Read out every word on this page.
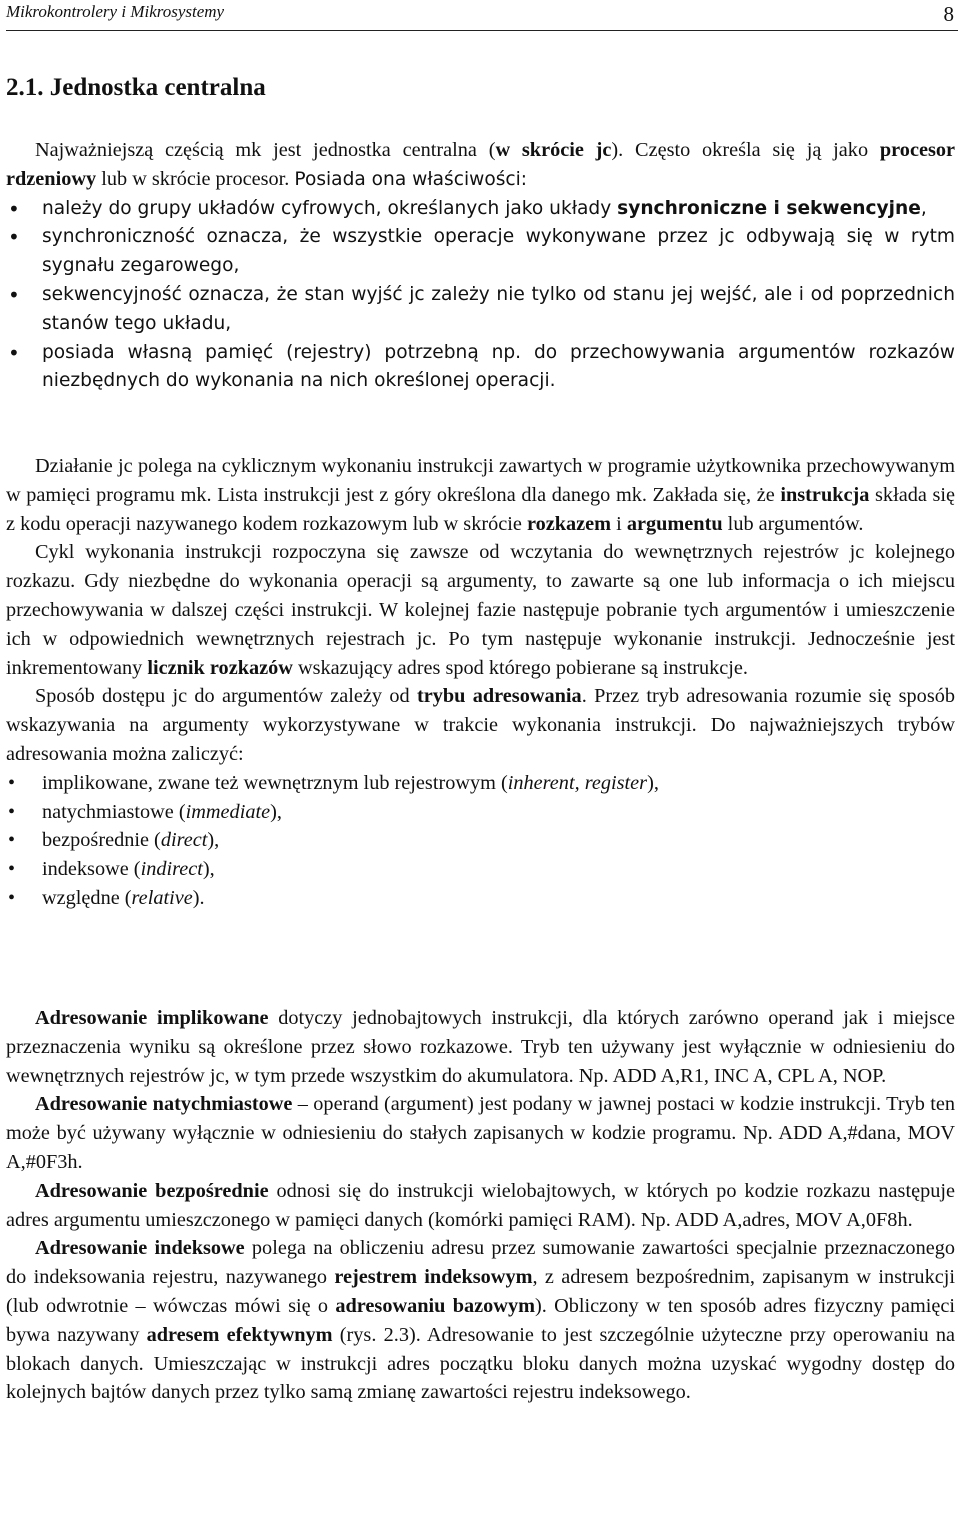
Mikrokontrolery i Mikrosystemy	8
2.1. Jednostka centralna

Najważniejszą częścią mk jest jednostka centralna (w skrócie jc). Często określa się ją jako procesor rdzeniowy lub w skrócie procesor. Posiada ona właściwości:

• należy do grupy układów cyfrowych, określanych jako układy synchroniczne i sekwencyjne,
• synchroniczność oznacza, że wszystkie operacje wykonywane przez jc odbywają się w rytm sygnału zegarowego,
• sekwencyjność oznacza, że stan wyjść jc zależy nie tylko od stanu jej wejść, ale i od poprzednich stanów tego układu,
• posiada własną pamięć (rejestry) potrzebną np. do przechowywania argumentów rozkazów niezbędnych do wykonania na nich określonej operacji.

Działanie jc polega na cyklicznym wykonaniu instrukcji zawartych w programie użytkownika przechowywanym w pamięci programu mk. Lista instrukcji jest z góry określona dla danego mk. Zakłada się, że instrukcja składa się z kodu operacji nazywanego kodem rozkazowym lub w skrócie rozkazem i argumentu lub argumentów.

Cykl wykonania instrukcji rozpoczyna się zawsze od wczytania do wewnętrznych rejestrów jc kolejnego rozkazu. Gdy niezbędne do wykonania operacji są argumenty, to zawarte są one lub informacja o ich miejscu przechowywania w dalszej części instrukcji. W kolejnej fazie następuje pobranie tych argumentów i umieszczenie ich w odpowiednich wewnętrznych rejestrach jc. Po tym następuje wykonanie instrukcji. Jednocześnie jest inkrementowany licznik rozkazów wskazujący adres spod którego pobierane są instrukcje.

Sposób dostępu jc do argumentów zależy od trybu adresowania. Przez tryb adresowania rozumie się sposób wskazywania na argumenty wykorzystywane w trakcie wykonania instrukcji. Do najważniejszych trybów adresowania można zaliczyć:

• implikowane, zwane też wewnętrznym lub rejestrowym (inherent, register),
• natychmiastowe (immediate),
• bezpośrednie (direct),
• indeksowe (indirect),
• względne (relative).

Adresowanie implikowane dotyczy jednobajtowych instrukcji, dla których zarówno operand jak i miejsce przeznaczenia wyniku są określone przez słowo rozkazowe. Tryb ten używany jest wyłącznie w odniesieniu do wewnętrznych rejestrów jc, w tym przede wszystkim do akumulatora. Np. ADD A,R1, INC A, CPL A, NOP.

Adresowanie natychmiastowe – operand (argument) jest podany w jawnej postaci w kodzie instrukcji. Tryb ten może być używany wyłącznie w odniesieniu do stałych zapisanych w kodzie programu. Np. ADD A,#dana, MOV A,#0F3h.

Adresowanie bezpośrednie odnosi się do instrukcji wielobajtowych, w których po kodzie rozkazu następuje adres argumentu umieszczonego w pamięci danych (komórki pamięci RAM). Np. ADD A,adres, MOV A,0F8h.

Adresowanie indeksowe polega na obliczeniu adresu przez sumowanie zawartości specjalnie przeznaczonego do indeksowania rejestru, nazywanego rejestrem indeksowym, z adresem bezpośrednim, zapisanym w instrukcji (lub odwrotnie – wówczas mówi się o adresowaniu bazowym). Obliczony w ten sposób adres fizyczny pamięci bywa nazywany adresem efektywnym (rys. 2.3). Adresowanie to jest szczególnie użyteczne przy operowaniu na blokach danych. Umieszczając w instrukcji adres początku bloku danych można uzyskać wygodny dostęp do kolejnych bajtów danych przez tylko samą zmianę zawartości rejestru indeksowego.
